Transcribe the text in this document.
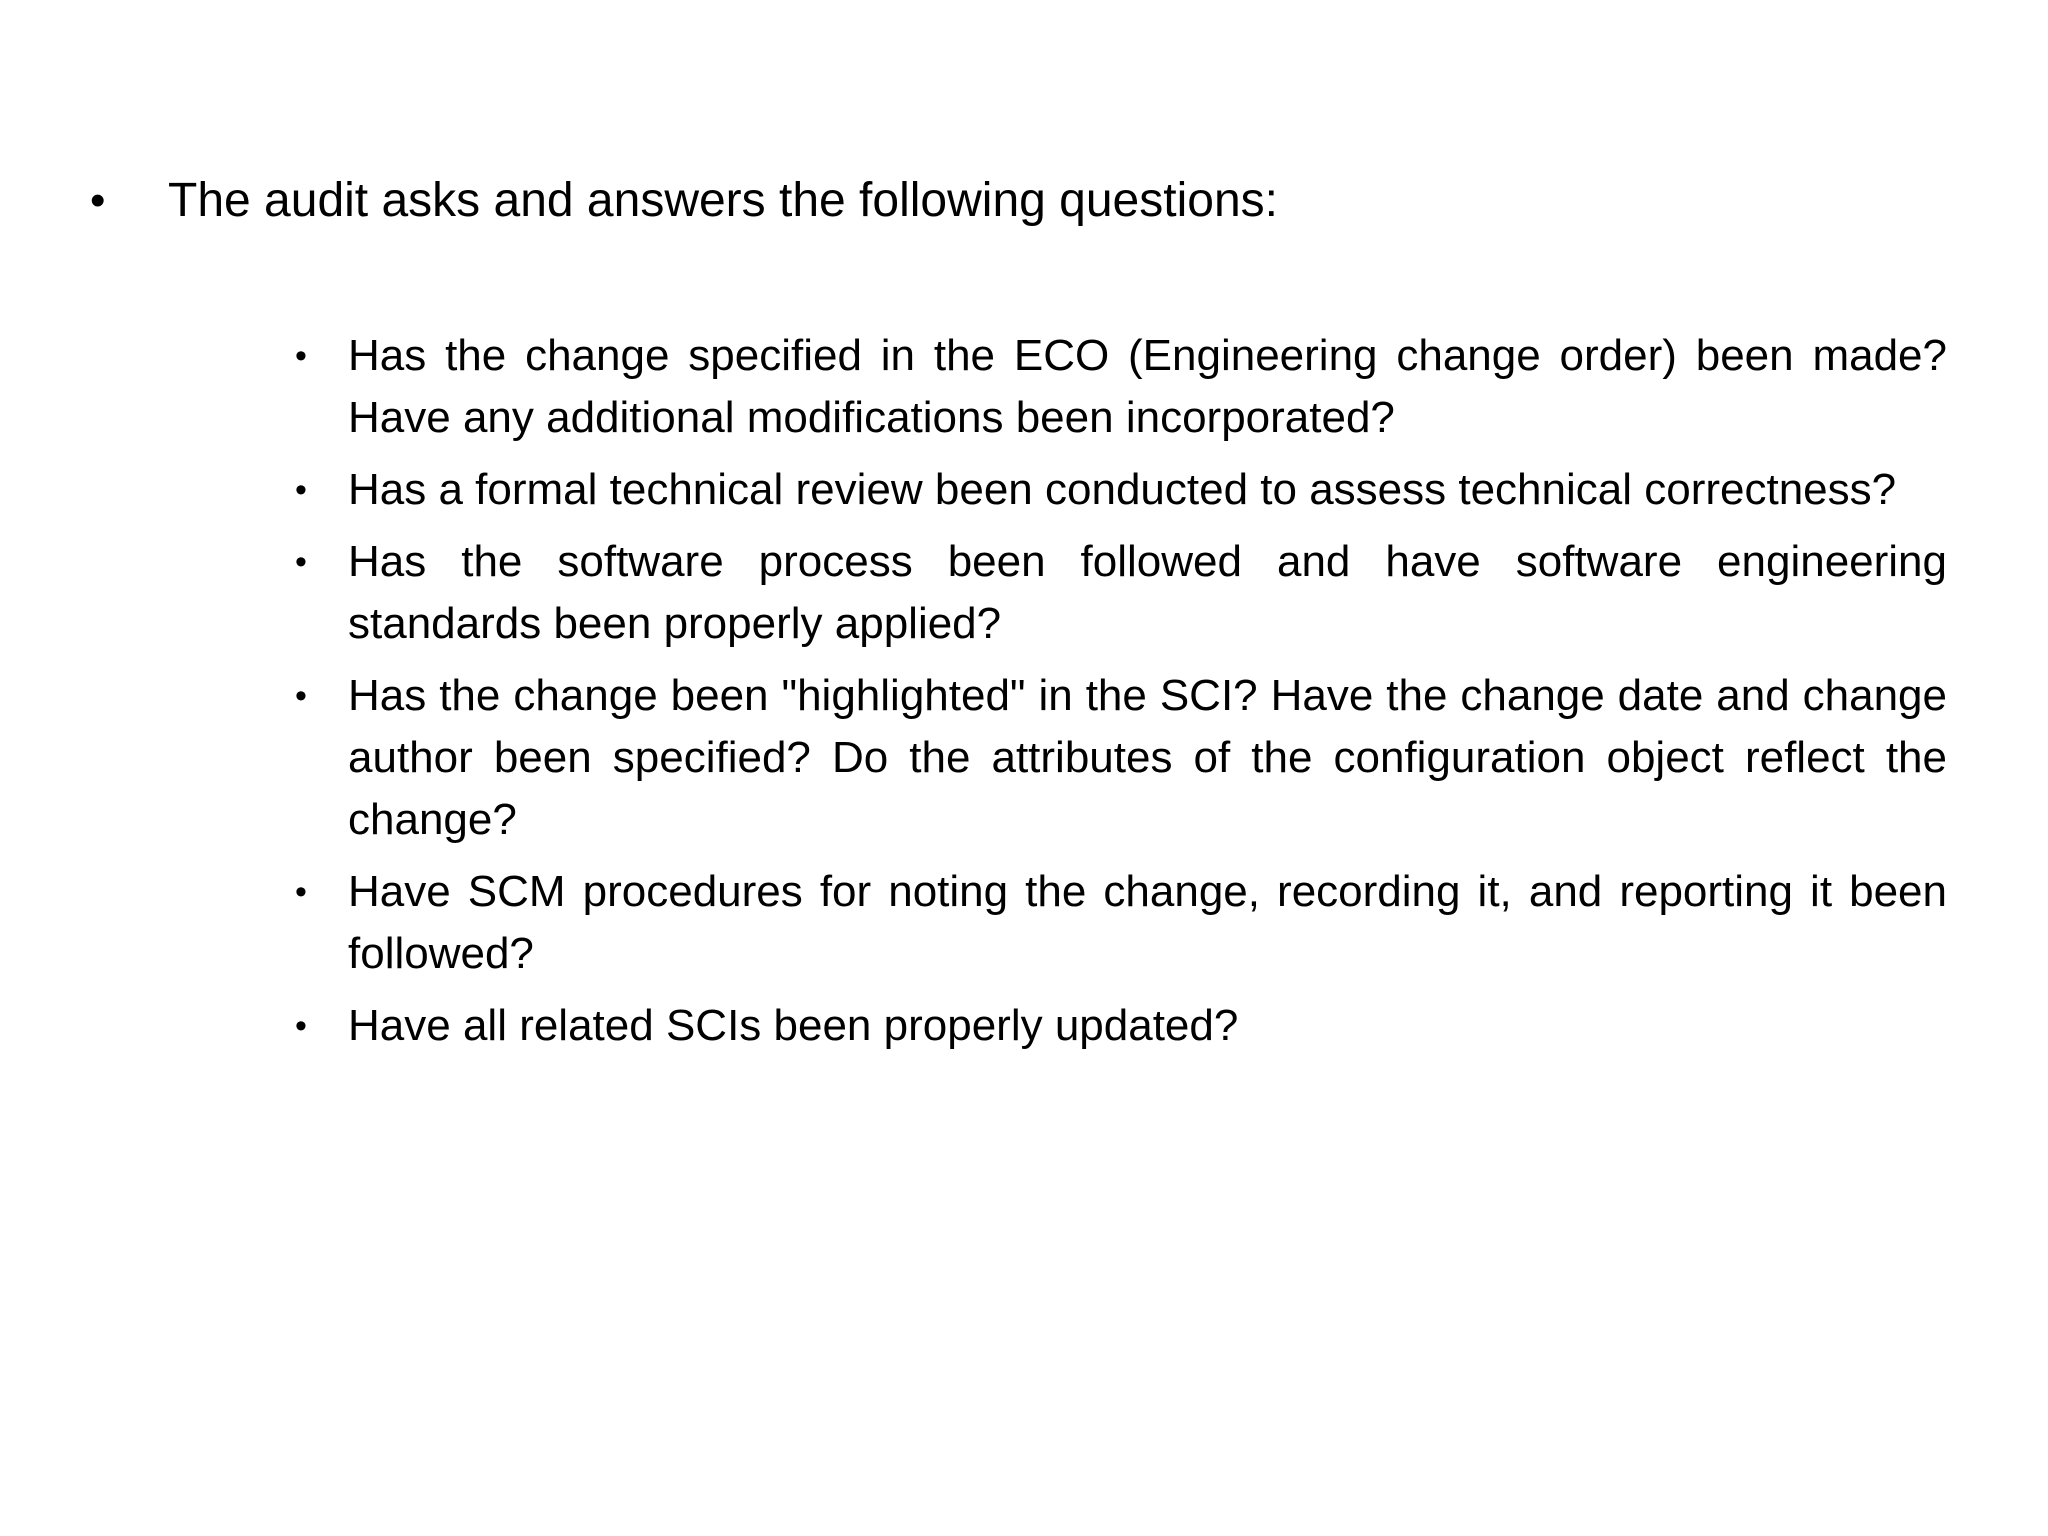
•	The audit asks and answers the following questions:
• Has the change specified in the ECO (Engineering change order) been made? Have any additional modifications been incorporated?
• Has a formal technical review been conducted to assess technical correctness?
• Has the software process been followed and have software engineering standards been properly applied?
• Has the change been "highlighted" in the SCI? Have the change date and change author been specified? Do the attributes of the configuration object reflect the change?
• Have SCM procedures for noting the change, recording it, and reporting it been followed?
• Have all related SCIs been properly updated?
